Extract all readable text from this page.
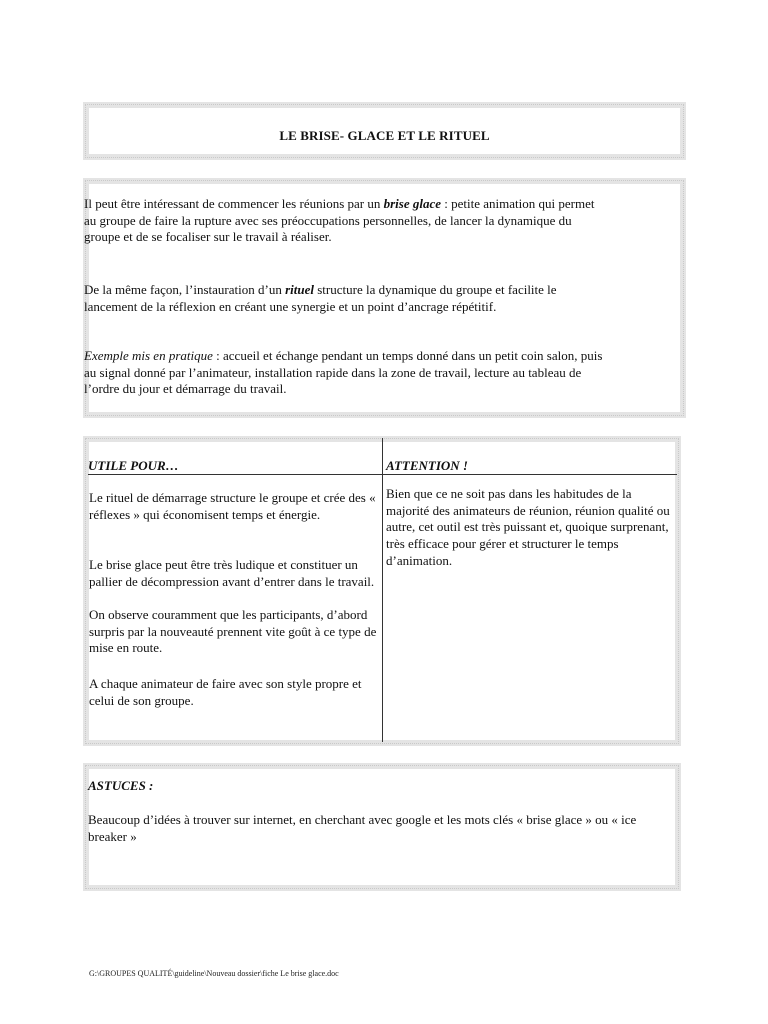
LE BRISE- GLACE ET LE RITUEL

Il peut être intéressant de commencer les réunions par un brise glace : petite animation qui permet au groupe de faire la rupture avec ses préoccupations personnelles, de lancer la dynamique du groupe et de se focaliser sur le travail à réaliser.

De la même façon, l’instauration d’un rituel structure la dynamique du groupe et facilite le lancement de la réflexion en créant une synergie et un point d’ancrage répétitif.

Exemple mis en pratique : accueil et échange pendant un temps donné dans un petit coin salon, puis au signal donné par l’animateur, installation rapide dans la zone de travail, lecture au tableau de l’ordre du jour et démarrage du travail.

UTILE POUR…	ATTENTION !

Le rituel de démarrage structure le groupe et crée des « réflexes » qui économisent temps et énergie.

Le brise glace peut être très ludique et constituer un pallier de décompression avant d’entrer dans le travail.

On observe couramment que les participants, d’abord surpris par la nouveauté prennent vite goût à ce type de mise en route.

A chaque animateur de faire avec son style propre et celui de son groupe.

Bien que ce ne soit pas dans les habitudes de la majorité des animateurs de réunion, réunion qualité ou autre, cet outil est très puissant et, quoique surprenant, très efficace pour gérer et structurer le temps d’animation.

ASTUCES :

Beaucoup d’idées à trouver sur internet, en cherchant avec google et les mots clés « brise glace » ou « ice breaker »

G:\GROUPES QUALITÉ\guideline\Nouveau dossier\fiche Le brise glace.doc
